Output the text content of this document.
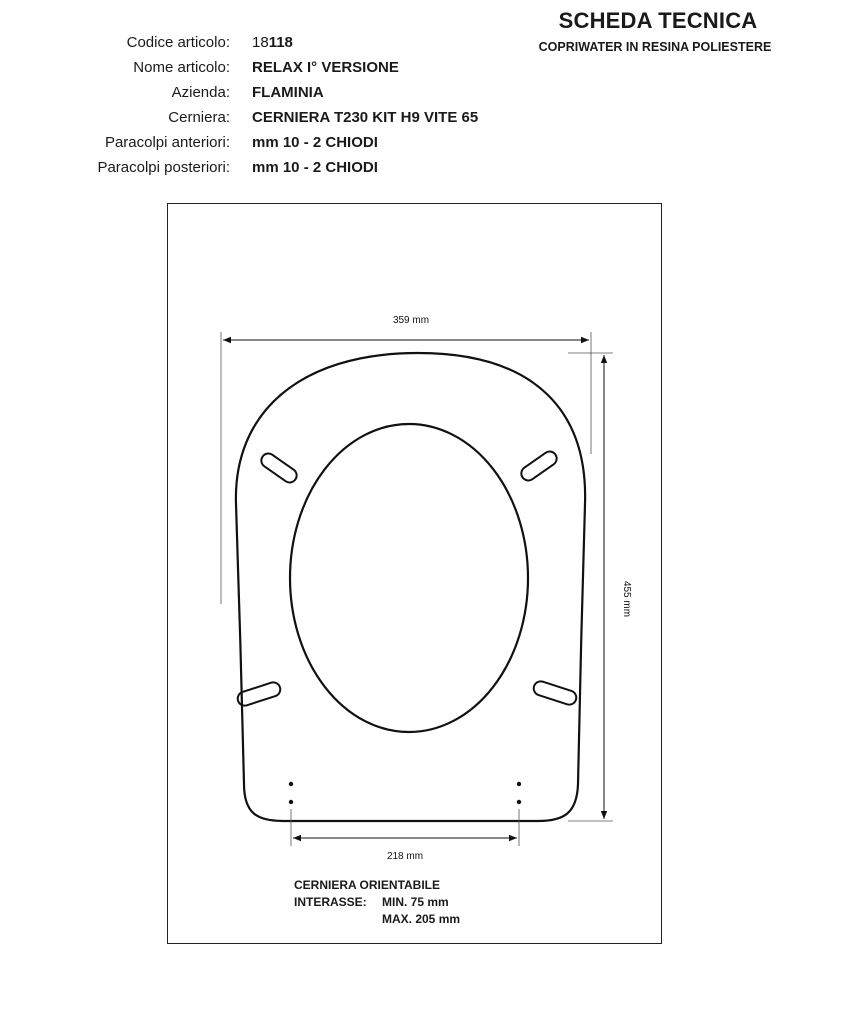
SCHEDA TECNICA
COPRIWATER IN RESINA POLIESTERE
Codice articolo: 18118
Nome articolo: RELAX I° VERSIONE
Azienda: FLAMINIA
Cerniera: CERNIERA T230 KIT H9 VITE 65
Paracolpi anteriori: mm 10 - 2 CHIODI
Paracolpi posteriori: mm 10 - 2 CHIODI
359 mm
455 mm
218 mm
CERNIERA ORIENTABILE
INTERASSE: MIN. 75 mm
MAX. 205 mm
